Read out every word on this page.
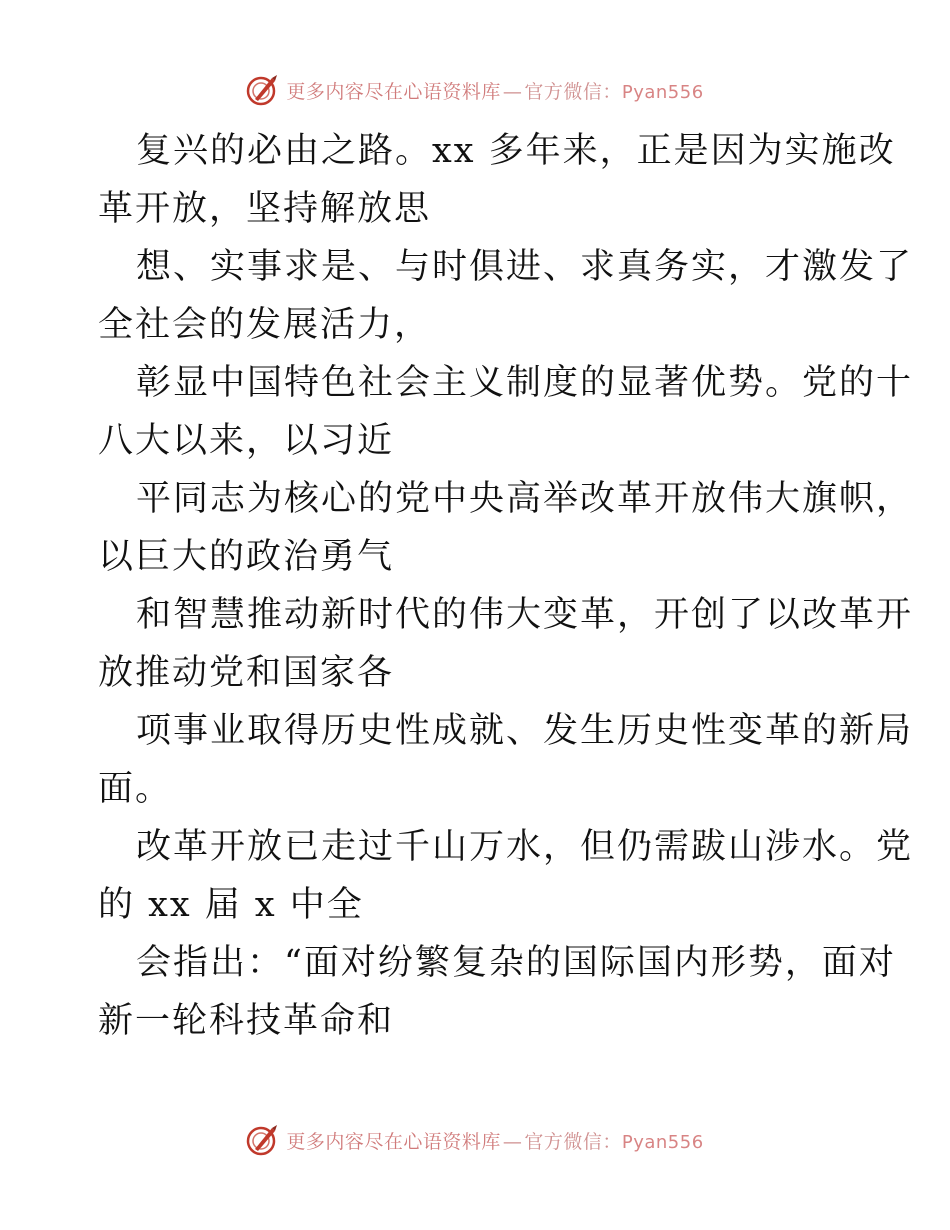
更多内容尽在心语资料库 — 官方微信：Pyan556
复兴的必由之路。xx 多年来，正是因为实施改
革开放，坚持解放思
想、实事求是、与时俱进、求真务实，才激发了
全社会的发展活力，
彰显中国特色社会主义制度的显著优势。党的十
八大以来，以习近
平同志为核心的党中央高举改革开放伟大旗帜，
以巨大的政治勇气
和智慧推动新时代的伟大变革，开创了以改革开
放推动党和国家各
项事业取得历史性成就、发生历史性变革的新局
面。
改革开放已走过千山万水，但仍需跋山涉水。党
的 xx 届 x 中全
会指出：“面对纷繁复杂的国际国内形势，面对
新一轮科技革命和
更多内容尽在心语资料库 — 官方微信：Pyan556
